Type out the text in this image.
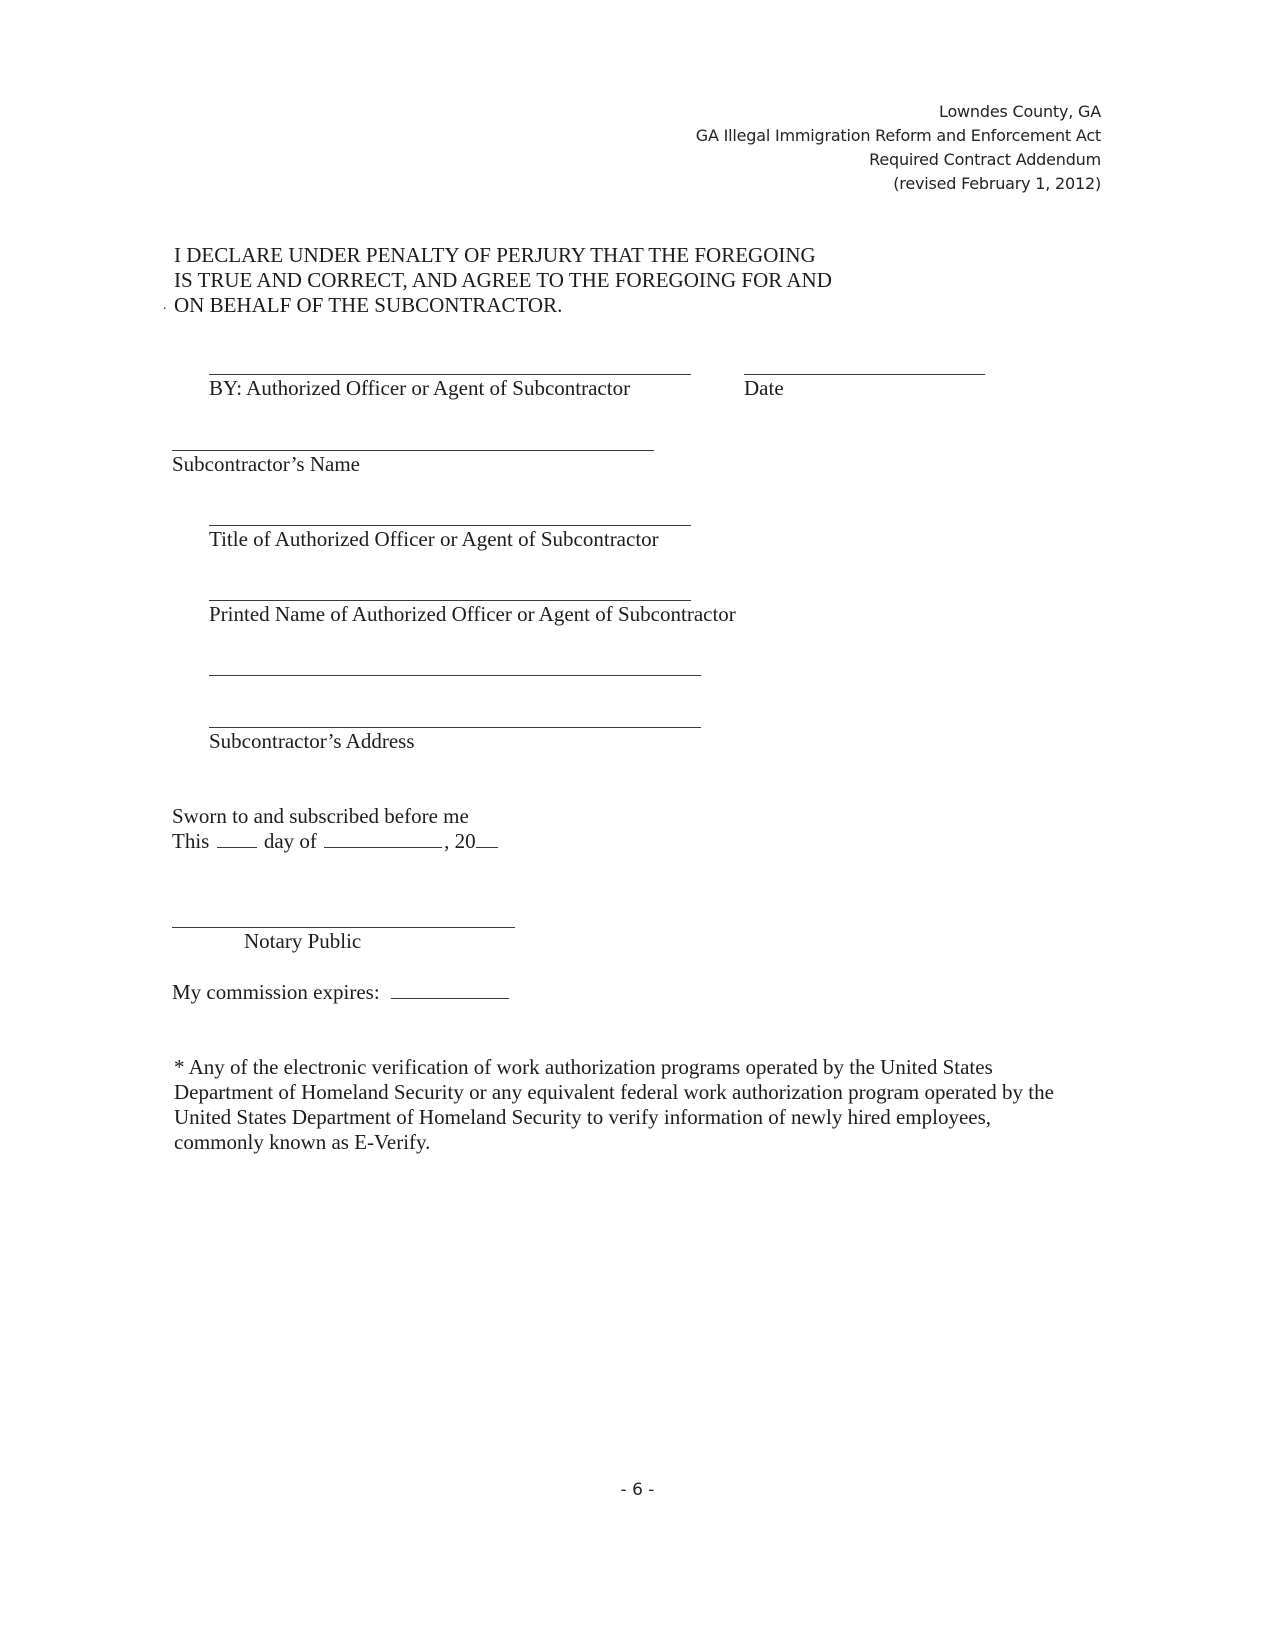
Lowndes County, GA
GA Illegal Immigration Reform and Enforcement Act
Required Contract Addendum
(revised February 1, 2012)
.
I DECLARE UNDER PENALTY OF PERJURY THAT THE FOREGOING
IS TRUE AND CORRECT, AND AGREE TO THE FOREGOING FOR AND
ON BEHALF OF THE SUBCONTRACTOR.
BY: Authorized Officer or Agent of Subcontractor	Date
Subcontractor’s Name
Title of Authorized Officer or Agent of Subcontractor
Printed Name of Authorized Officer or Agent of Subcontractor
Subcontractor’s Address
Sworn to and subscribed before me
This	day of	, 20
Notary Public
My commission expires:
* Any of the electronic verification of work authorization programs operated by the United States
Department of Homeland Security or any equivalent federal work authorization program operated by the
United States Department of Homeland Security to verify information of newly hired employees,
commonly known as E-Verify.
- 6 -
